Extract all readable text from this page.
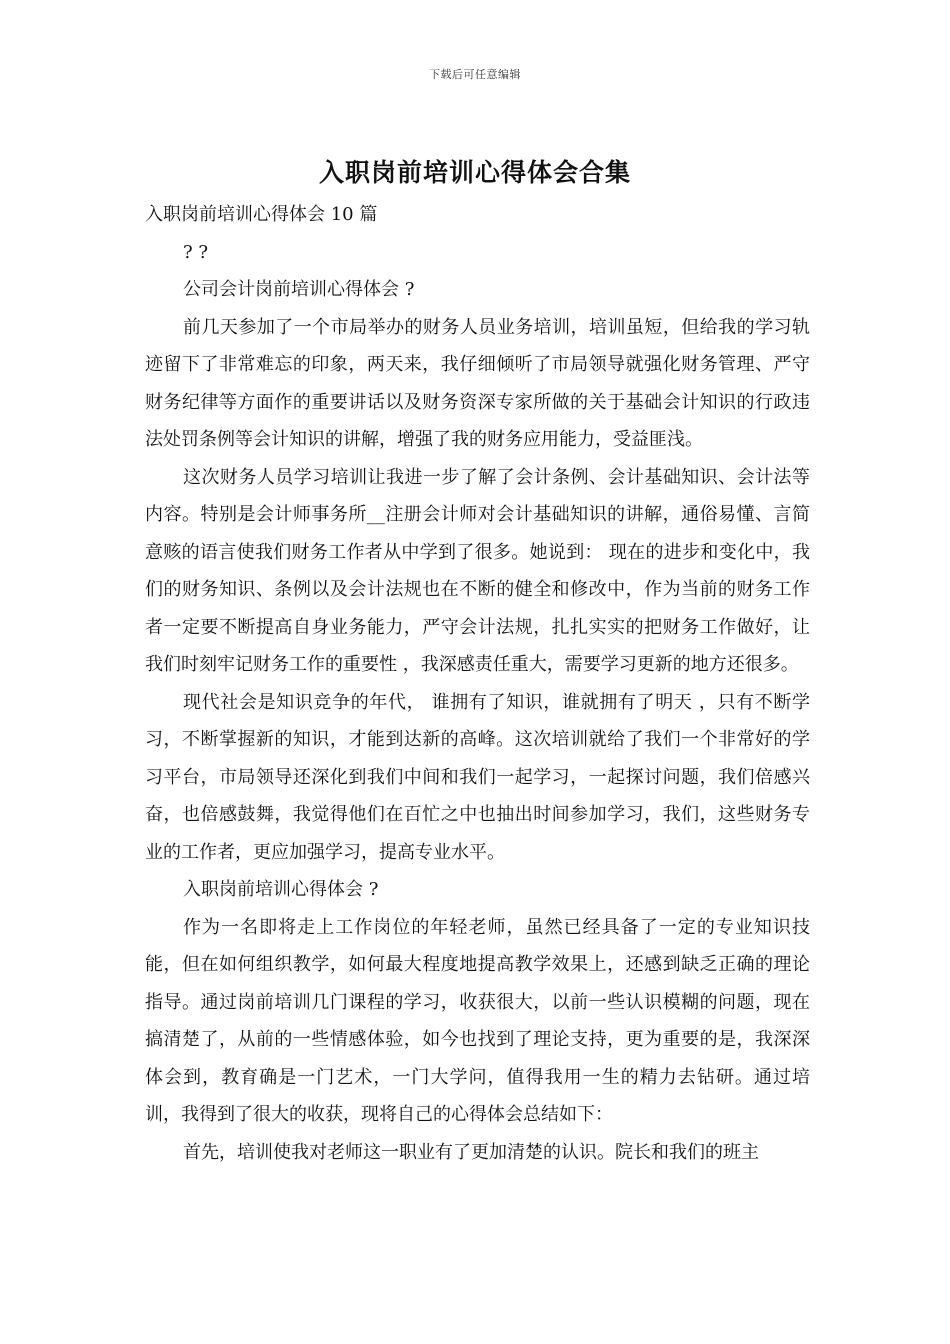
下载后可任意编辑
入职岗前培训心得体会合集

入职岗前培训心得体会 10 篇

? ?

公司会计岗前培训心得体会 ?

前几天参加了一个市局举办的财务人员业务培训，培训虽短，但给我的学习轨迹留下了非常难忘的印象，两天来，我仔细倾听了市局领导就强化财务管理、严守财务纪律等方面作的重要讲话以及财务资深专家所做的关于基础会计知识的行政违法处罚条例等会计知识的讲解，增强了我的财务应用能力，受益匪浅。

这次财务人员学习培训让我进一步了解了会计条例、会计基础知识、会计法等内容。特别是会计师事务所__注册会计师对会计基础知识的讲解，通俗易懂、言简意赅的语言使我们财务工作者从中学到了很多。她说到： 现在的进步和变化中，我们的财务知识、条例以及会计法规也在不断的健全和修改中，作为当前的财务工作者一定要不断提高自身业务能力，严守会计法规，扎扎实实的把财务工作做好，让我们时刻牢记财务工作的重要性 ，我深感责任重大，需要学习更新的地方还很多。

现代社会是知识竞争的年代， 谁拥有了知识，谁就拥有了明天 ，只有不断学习，不断掌握新的知识，才能到达新的高峰。这次培训就给了我们一个非常好的学习平台，市局领导还深化到我们中间和我们一起学习，一起探讨问题，我们倍感兴奋，也倍感鼓舞，我觉得他们在百忙之中也抽出时间参加学习，我们，这些财务专业的工作者，更应加强学习，提高专业水平。

入职岗前培训心得体会 ?

作为一名即将走上工作岗位的年轻老师，虽然已经具备了一定的专业知识技能，但在如何组织教学，如何最大程度地提高教学效果上，还感到缺乏正确的理论指导。通过岗前培训几门课程的学习，收获很大，以前一些认识模糊的问题，现在搞清楚了，从前的一些情感体验，如今也找到了理论支持，更为重要的是，我深深体会到，教育确是一门艺术，一门大学问，值得我用一生的精力去钻研。通过培训，我得到了很大的收获，现将自己的心得体会总结如下：

首先，培训使我对老师这一职业有了更加清楚的认识。院长和我们的班主
